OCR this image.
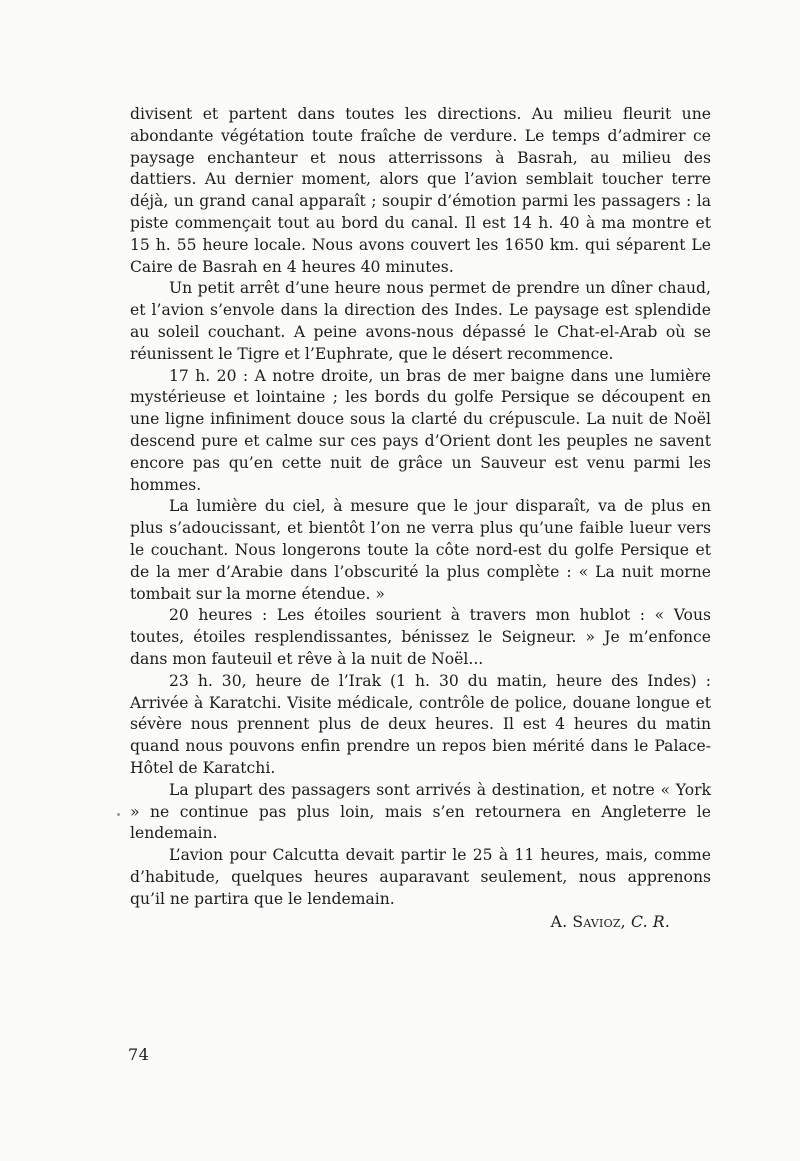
divisent et partent dans toutes les directions. Au milieu fleurit une abondante végétation toute fraîche de verdure. Le temps d’admirer ce paysage enchanteur et nous atterrissons à Basrah, au milieu des dattiers. Au dernier moment, alors que l’avion semblait toucher terre déjà, un grand canal apparaît ; soupir d’émotion parmi les passagers : la piste commençait tout au bord du canal. Il est 14 h. 40 à ma montre et 15 h. 55 heure locale. Nous avons couvert les 1650 km. qui séparent Le Caire de Basrah en 4 heures 40 minutes.

Un petit arrêt d’une heure nous permet de prendre un dîner chaud, et l’avion s’envole dans la direction des Indes. Le paysage est splendide au soleil couchant. A peine avons-nous dépassé le Chat-el-Arab où se réunissent le Tigre et l’Euphrate, que le désert recommence.

17 h. 20 : A notre droite, un bras de mer baigne dans une lumière mystérieuse et lointaine ; les bords du golfe Persique se découpent en une ligne infiniment douce sous la clarté du crépuscule. La nuit de Noël descend pure et calme sur ces pays d’Orient dont les peuples ne savent encore pas qu’en cette nuit de grâce un Sauveur est venu parmi les hommes.

La lumière du ciel, à mesure que le jour disparaît, va de plus en plus s’adoucissant, et bientôt l’on ne verra plus qu’une faible lueur vers le couchant. Nous longerons toute la côte nord-est du golfe Persique et de la mer d’Arabie dans l’obscurité la plus complète : « La nuit morne tombait sur la morne étendue. »

20 heures : Les étoiles sourient à travers mon hublot : « Vous toutes, étoiles resplendissantes, bénissez le Seigneur. » Je m’enfonce dans mon fauteuil et rêve à la nuit de Noël...

23 h. 30, heure de l’Irak (1 h. 30 du matin, heure des Indes) : Arrivée à Karatchi. Visite médicale, contrôle de police, douane longue et sévère nous prennent plus de deux heures. Il est 4 heures du matin quand nous pouvons enfin prendre un repos bien mérité dans le Palace-Hôtel de Karatchi.

La plupart des passagers sont arrivés à destination, et notre « York » ne continue pas plus loin, mais s’en retournera en Angleterre le lendemain.

L’avion pour Calcutta devait partir le 25 à 11 heures, mais, comme d’habitude, quelques heures auparavant seulement, nous apprenons qu’il ne partira que le lendemain.

A. Savioz, C. R.
74
